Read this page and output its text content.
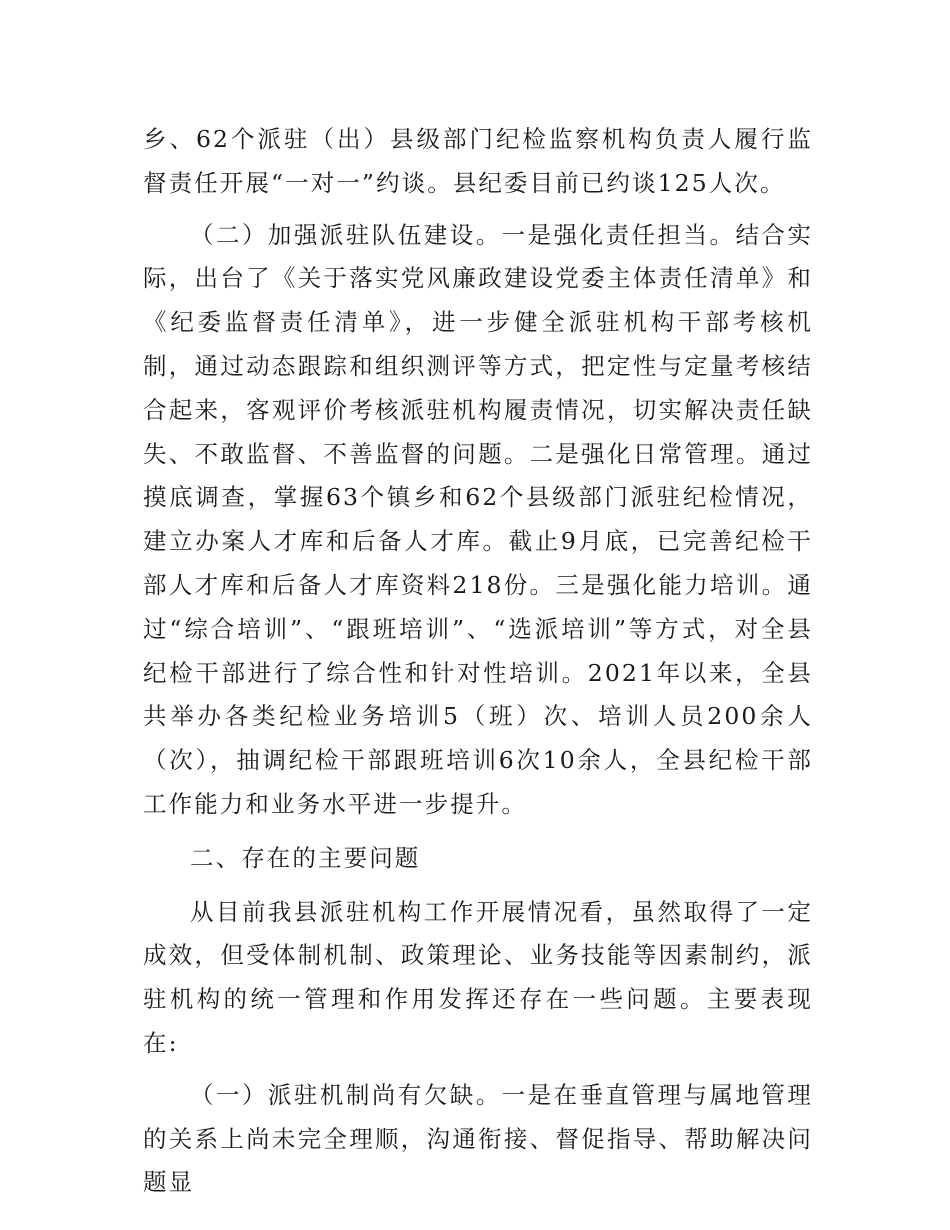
乡、62个派驻（出）县级部门纪检监察机构负责人履行监督责任开展“一对一”约谈。县纪委目前已约谈125人次。

（二）加强派驻队伍建设。一是强化责任担当。结合实际，出台了《关于落实党风廉政建设党委主体责任清单》和《纪委监督责任清单》，进一步健全派驻机构干部考核机制，通过动态跟踪和组织测评等方式，把定性与定量考核结合起来，客观评价考核派驻机构履责情况，切实解决责任缺失、不敢监督、不善监督的问题。二是强化日常管理。通过摸底调查，掌握63个镇乡和62个县级部门派驻纪检情况，建立办案人才库和后备人才库。截止9月底，已完善纪检干部人才库和后备人才库资料218份。三是强化能力培训。通过“综合培训”、“跟班培训”、“选派培训”等方式，对全县纪检干部进行了综合性和针对性培训。2021年以来，全县共举办各类纪检业务培训5（班）次、培训人员200余人（次），抽调纪检干部跟班培训6次10余人，全县纪检干部工作能力和业务水平进一步提升。

二、存在的主要问题

从目前我县派驻机构工作开展情况看，虽然取得了一定成效，但受体制机制、政策理论、业务技能等因素制约，派驻机构的统一管理和作用发挥还存在一些问题。主要表现在:

（一）派驻机制尚有欠缺。一是在垂直管理与属地管理的关系上尚未完全理顺，沟通衔接、督促指导、帮助解决问题显
